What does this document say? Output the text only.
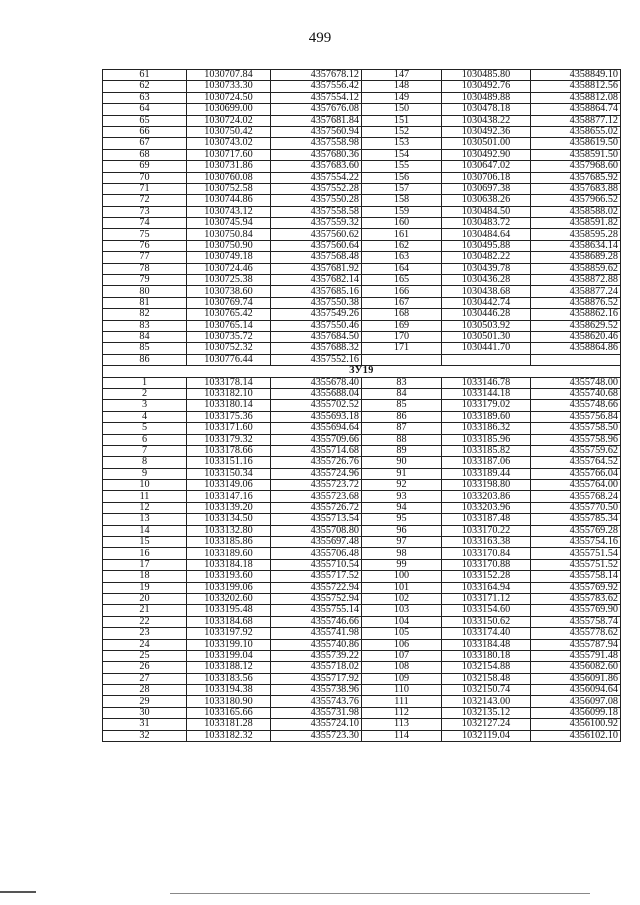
499
61	1030707.84	4357678.12	147	1030485.80	4358849.10
62	1030733.30	4357556.42	148	1030492.76	4358812.56
63	1030724.50	4357554.12	149	1030489.88	4358812.08
64	1030699.00	4357676.08	150	1030478.18	4358864.74
65	1030724.02	4357681.84	151	1030438.22	4358877.12
66	1030750.42	4357560.94	152	1030492.36	4358655.02
67	1030743.02	4357558.98	153	1030501.00	4358619.50
68	1030717.60	4357680.36	154	1030492.90	4358591.50
69	1030731.86	4357683.60	155	1030647.02	4357968.60
70	1030760.08	4357554.22	156	1030706.18	4357685.92
71	1030752.58	4357552.28	157	1030697.38	4357683.88
72	1030744.86	4357550.28	158	1030638.26	4357966.52
73	1030743.12	4357558.58	159	1030484.50	4358588.02
74	1030745.94	4357559.32	160	1030483.72	4358591.82
75	1030750.84	4357560.62	161	1030484.64	4358595.28
76	1030750.90	4357560.64	162	1030495.88	4358634.14
77	1030749.18	4357568.48	163	1030482.22	4358689.28
78	1030724.46	4357681.92	164	1030439.78	4358859.62
79	1030725.38	4357682.14	165	1030436.28	4358872.88
80	1030738.60	4357685.16	166	1030438.68	4358877.24
81	1030769.74	4357550.38	167	1030442.74	4358876.52
82	1030765.42	4357549.26	168	1030446.28	4358862.16
83	1030765.14	4357550.46	169	1030503.92	4358629.52
84	1030735.72	4357684.50	170	1030501.30	4358620.46
85	1030752.32	4357688.32	171	1030441.70	4358864.86
86	1030776.44	4357552.16			
ЗУ19					
1	1033178.14	4355678.40	83	1033146.78	4355748.00
2	1033182.10	4355688.04	84	1033144.18	4355740.68
3	1033180.14	4355702.52	85	1033179.02	4355748.66
4	1033175.36	4355693.18	86	1033189.60	4355756.84
5	1033171.60	4355694.64	87	1033186.32	4355758.50
6	1033179.32	4355709.66	88	1033185.96	4355758.96
7	1033178.66	4355714.68	89	1033185.82	4355759.62
8	1033151.16	4355726.76	90	1033187.06	4355764.52
9	1033150.34	4355724.96	91	1033189.44	4355766.04
10	1033149.06	4355723.72	92	1033198.80	4355764.00
11	1033147.16	4355723.68	93	1033203.86	4355768.24
12	1033139.20	4355726.72	94	1033203.96	4355770.50
13	1033134.50	4355713.54	95	1033187.48	4355785.34
14	1033132.80	4355708.80	96	1033170.22	4355769.28
15	1033185.86	4355697.48	97	1033163.38	4355754.16
16	1033189.60	4355706.48	98	1033170.84	4355751.54
17	1033184.18	4355710.54	99	1033170.88	4355751.52
18	1033193.60	4355717.52	100	1033152.28	4355758.14
19	1033199.06	4355722.94	101	1033164.94	4355769.92
20	1033202.60	4355752.94	102	1033171.12	4355783.62
21	1033195.48	4355755.14	103	1033154.60	4355769.90
22	1033184.68	4355746.66	104	1033150.62	4355758.74
23	1033197.92	4355741.98	105	1033174.40	4355778.62
24	1033199.10	4355740.86	106	1033184.48	4355787.94
25	1033199.04	4355739.22	107	1033180.18	4355791.48
26	1033188.12	4355718.02	108	1032154.88	4356082.60
27	1033183.56	4355717.92	109	1032158.48	4356091.86
28	1033194.38	4355738.96	110	1032150.74	4356094.64
29	1033180.90	4355743.76	111	1032143.00	4356097.08
30	1033165.66	4355731.98	112	1032135.12	4356099.18
31	1033181.28	4355724.10	113	1032127.24	4356100.92
32	1033182.32	4355723.30	114	1032119.04	4356102.10
